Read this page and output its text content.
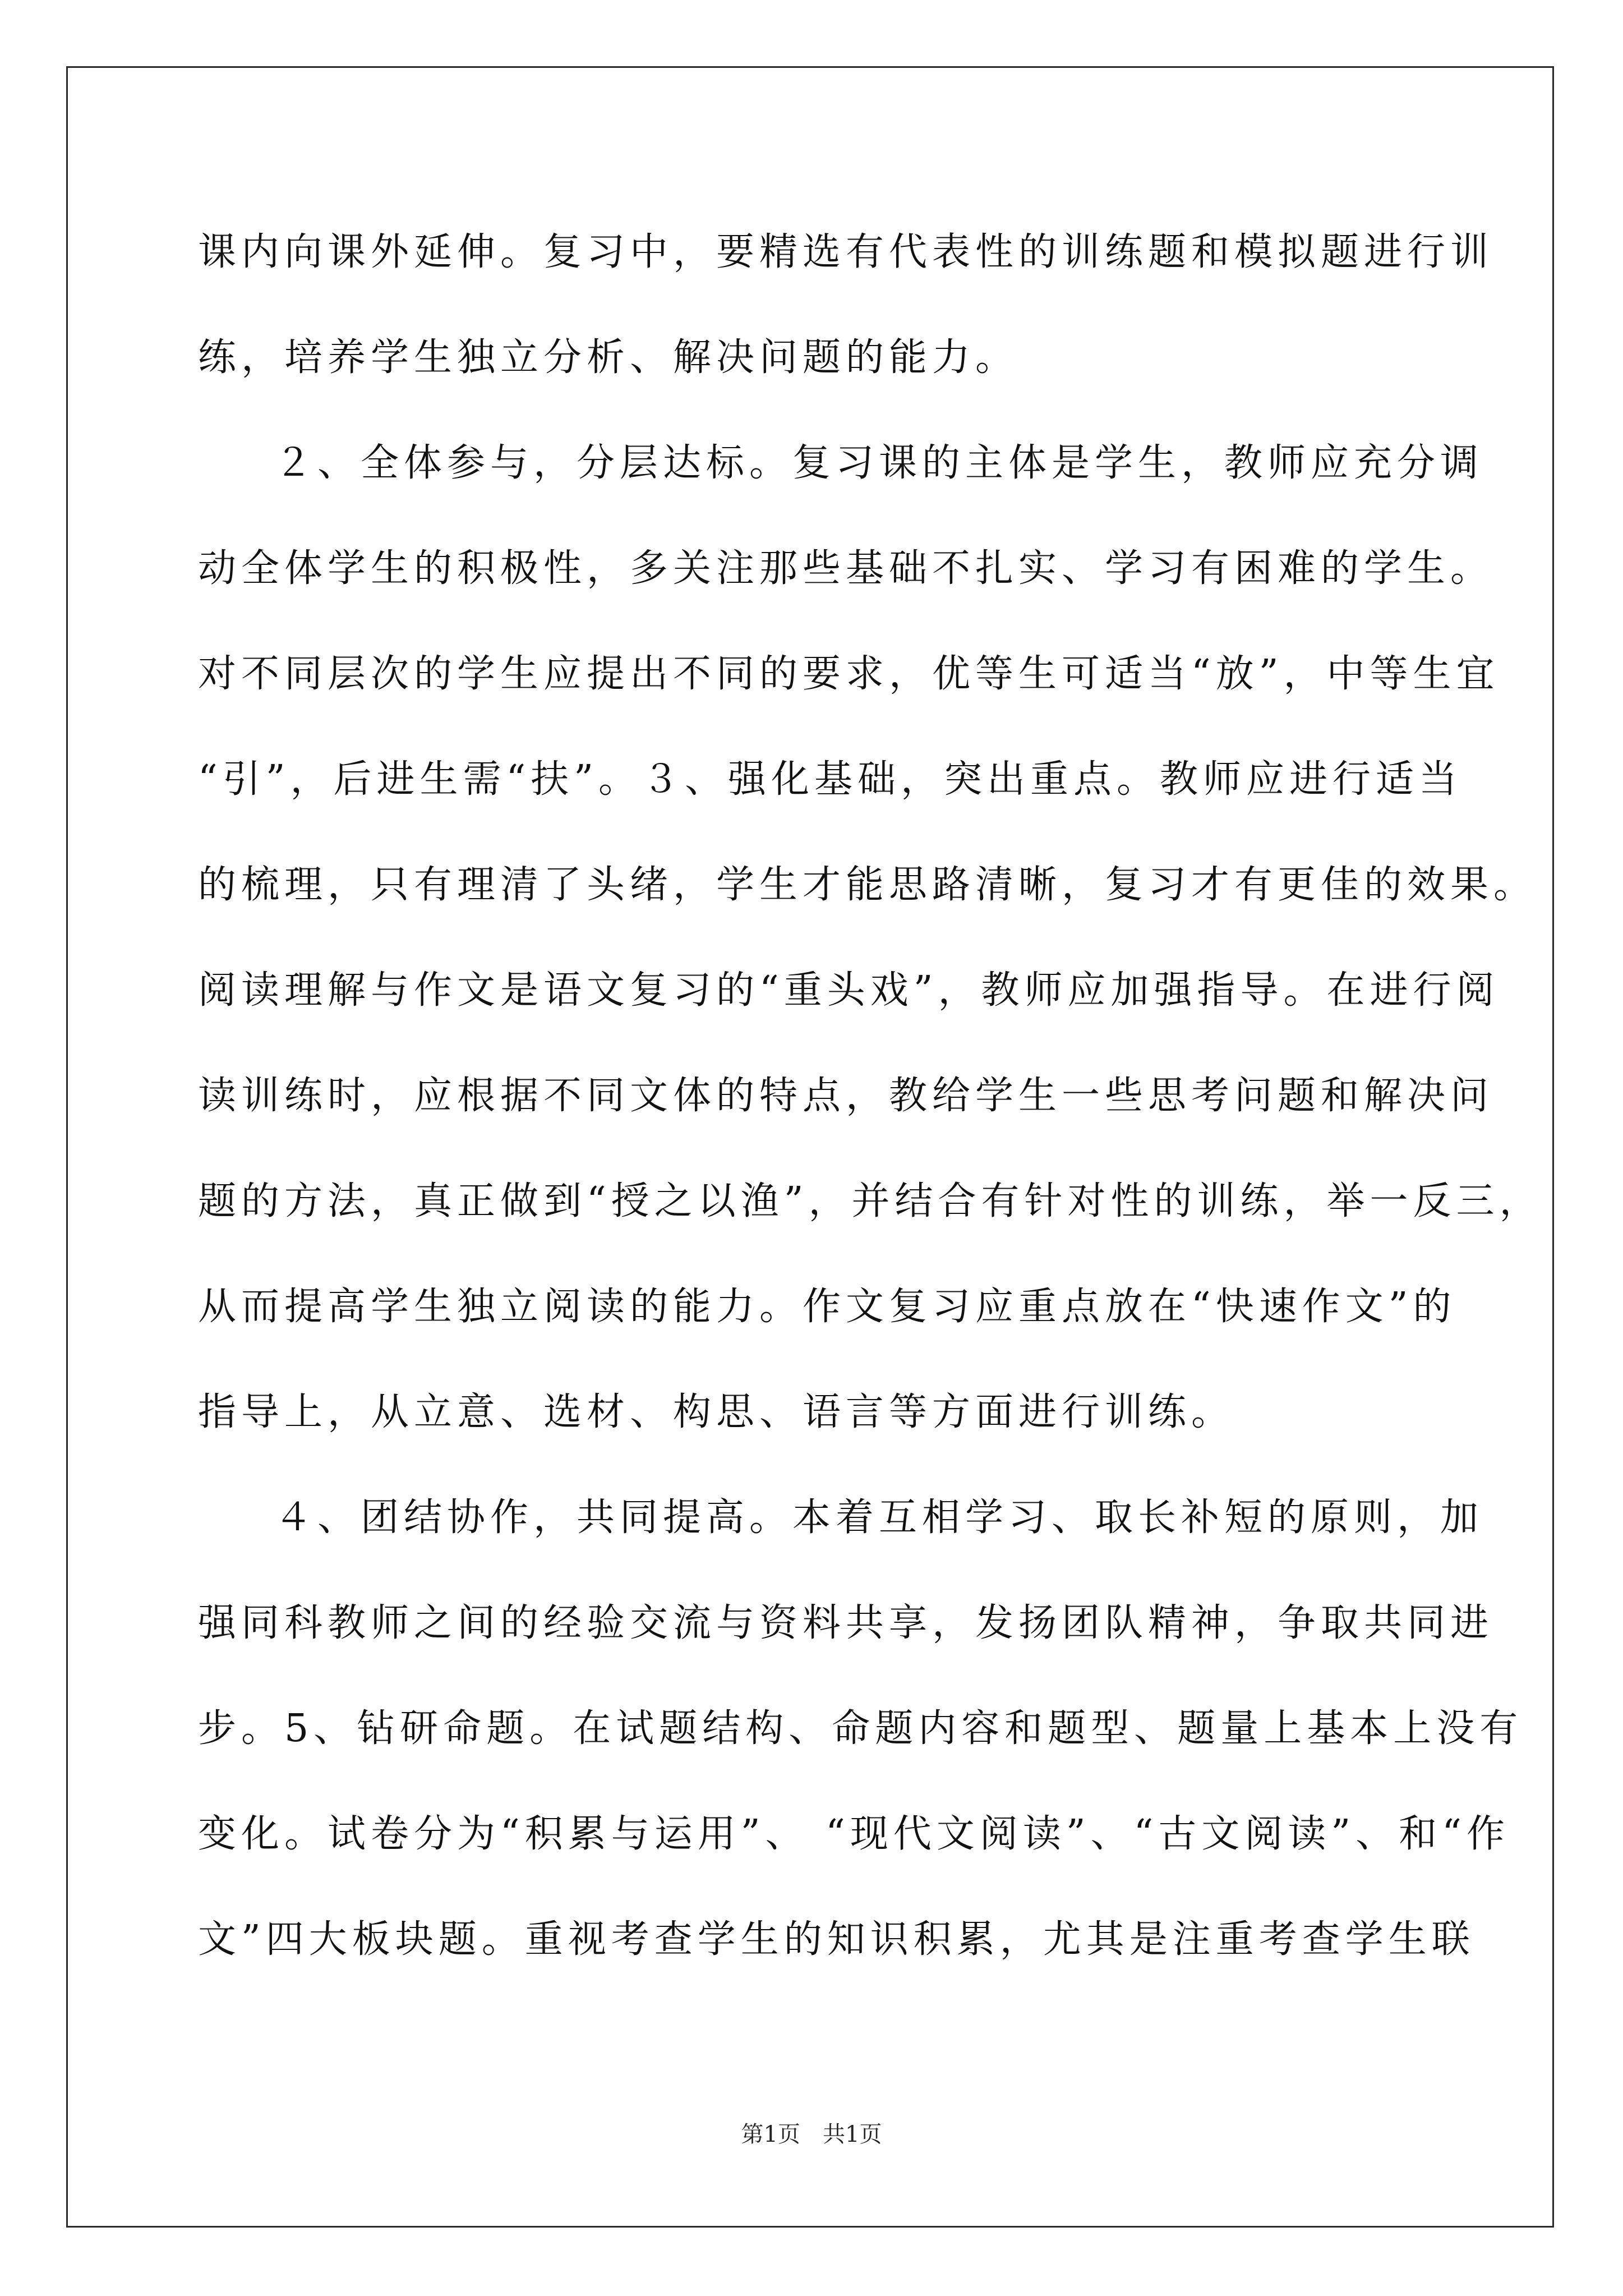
课内向课外延伸。复习中，要精选有代表性的训练题和模拟题进行训
练，培养学生独立分析、解决问题的能力。
２、全体参与，分层达标。复习课的主体是学生，教师应充分调
动全体学生的积极性，多关注那些基础不扎实、学习有困难的学生。
对不同层次的学生应提出不同的要求，优等生可适当“放”，中等生宜
“引”，后进生需“扶”。３、强化基础，突出重点。教师应进行适当
的梳理，只有理清了头绪，学生才能思路清晰，复习才有更佳的效果。
阅读理解与作文是语文复习的“重头戏”，教师应加强指导。在进行阅
读训练时，应根据不同文体的特点，教给学生一些思考问题和解决问
题的方法，真正做到“授之以渔”，并结合有针对性的训练，举一反三，
从而提高学生独立阅读的能力。作文复习应重点放在“快速作文”的
指导上，从立意、选材、构思、语言等方面进行训练。
４、团结协作，共同提高。本着互相学习、取长补短的原则，加
强同科教师之间的经验交流与资料共享，发扬团队精神，争取共同进
步。5、钻研命题。在试题结构、命题内容和题型、题量上基本上没有
变化。试卷分为“积累与运用”、 “现代文阅读”、“古文阅读”、和“作
文”四大板块题。重视考查学生的知识积累，尤其是注重考查学生联
第1页　共1页
